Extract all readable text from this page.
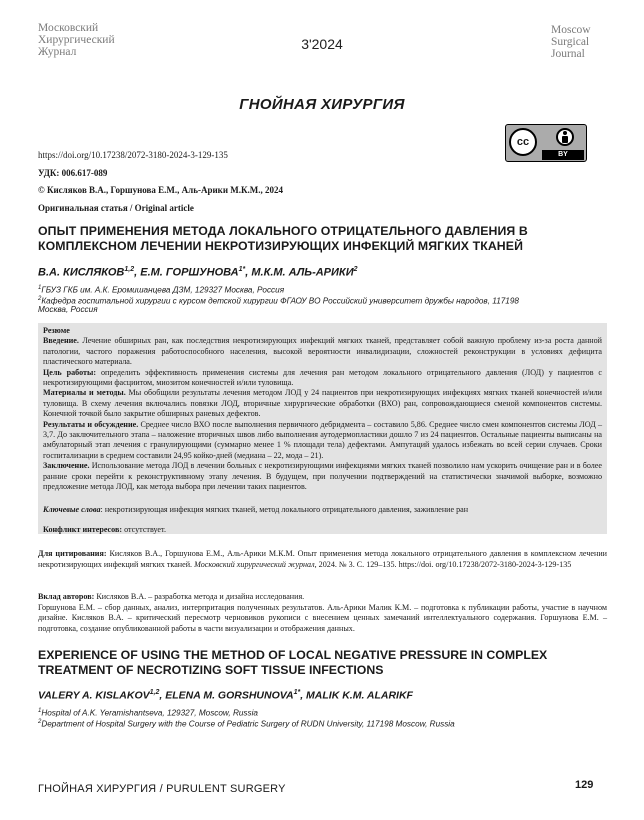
Московский
Хирургический
Журнал	3'2024
Moscow
Surgical
Journal
ГНОЙНАЯ ХИРУРГИЯ
cc
BY
https://doi.org/10.17238/2072-3180-2024-3-129-135
УДК: 006.617-089
© Кисляков В.А., Горшунова Е.М., Аль-Арики М.К.М., 2024
Оригинальная статья / Original article
ОПЫТ ПРИМЕНЕНИЯ МЕТОДА ЛОКАЛЬНОГО ОТРИЦАТЕЛЬНОГО ДАВЛЕНИЯ В КОМПЛЕКСНОМ ЛЕЧЕНИИ НЕКРОТИЗИРУЮЩИХ ИНФЕКЦИЙ МЯГКИХ ТКАНЕЙ
В.А. КИСЛЯКОВ$^{1,2}$, Е.М. $ГОРШУНОВА^{1*}$, М.К.М. АЛЬ-АРИКИ$^2$
$^1$ГБУЗ ГКБ им. А.К. Еромишанцева ДЗМ, 129327 Москва, Россия
$^2$Кафедра госпитальной хирургии с курсом детской хирургии ФГАОУ ВО Российский университет дружбы народов, 117198
Москва, Россия

Резюме

Введение. Лечение обширных ран, как последствия некротизирующих инфекций мягких тканей, представляет собой важную проблему из-за роста данной патологии, частого поражения работоспособного населения, высокой вероятности инвалидизации, сложностей реконструкции в условиях дефицита пластического материала.

Цель работы: определить эффективность применения системы для лечения ран методом локального отрицательного давления (ЛОД) у пациентов с некротизирующими фасциитом, миозитом конечностей и/или туловища.

Материалы и методы. Мы обобщили результаты лечения методом ЛОД у 24 пациентов при некротизирующих инфекциях мягких тканей конечностей и/или туловища. В схему лечения включались повязки ЛОД, вторичные хирургические обработки (ВХО) ран, сопровождающиеся сменой компонентов системы. Конечной точкой было закрытие обширных раневых дефектов.

Результаты и обсуждение. Среднее число ВХО после выполнения первичного дебридмента – составило 5,86. Среднее число смен компонентов системы ЛОД – 3,7. До заключительного этапа – наложение вторичных швов либо выполнения аутодермопластики дошло 7 из 24 пациентов. Остальные пациенты выписаны на амбулаторный этап лечения с гранулирующими (суммарно менее 1 % площади тела) дефектами. Ампутаций удалось избежать во всей серии случаев. Сроки госпитализации в среднем составили 24,95 койко-дней (медиана – 22, мода – 21).

Заключение. Использование метода ЛОД в лечении больных с некротизирующими инфекциями мягких тканей позволило нам ускорить очищение ран и в более ранние сроки перейти к реконструктивному этапу лечения. В будущем, при получении подтверждений на статистически значимой выборке, возможно предложение метода ЛОД, как метода выбора при лечении таких пациентов.

Ключевые слова: некротизирующая инфекция мягких тканей, метод локального отрицательного давления, заживление ран

Конфликт интересов: отсутствует.

Для цитирования: Кисляков В.А., Горшунова Е.М., Аль-Арики М.К.М. Опыт применения метода локального отрицательного давления в комплексном лечении некротизирующих инфекций мягких тканей. Московский хирургический журнал, 2024. № 3. С. 129–135. https://doi. org/10.17238/2072-3180-2024-3-129-135
Вклад авторов: Кисляков В.А. – разработка метода и дизайна исследования.
Горшунова Е.М. – сбор данных, анализ, интерпритация полученных результатов. Аль-Арики Малик К.М. – подготовка к публикации работы, участие в научном дизайне. Кисляков В.А. – критический пересмотр черновиков рукописи с внесением ценных замечаний интеллектуального содержания. Горшунова Е.М. – подготовка, создание опубликованной работы в части визуализации и отображения данных.
EXPERIENCE OF USING THE METHOD OF LOCAL NEGATIVE PRESSURE IN COMPLEX TREATMENT OF NECROTIZING SOFT TISSUE INFECTIONS
VALERY A. KISLAKOV$^{1,2}$, ELENA M. $GORSHUNOVA^{1*}$, MALIK K.M. ALARIKF
$^1$Hospital of A.K. Yeramishantseva, 129327, Moscow, Russia
$^2$Department of Hospital Surgery with the Course of Pediatric Surgery of RUDN University, 117198 Moscow, Russia
ГНОЙНАЯ ХИРУРГИЯ / PURULENT SURGERY	129
